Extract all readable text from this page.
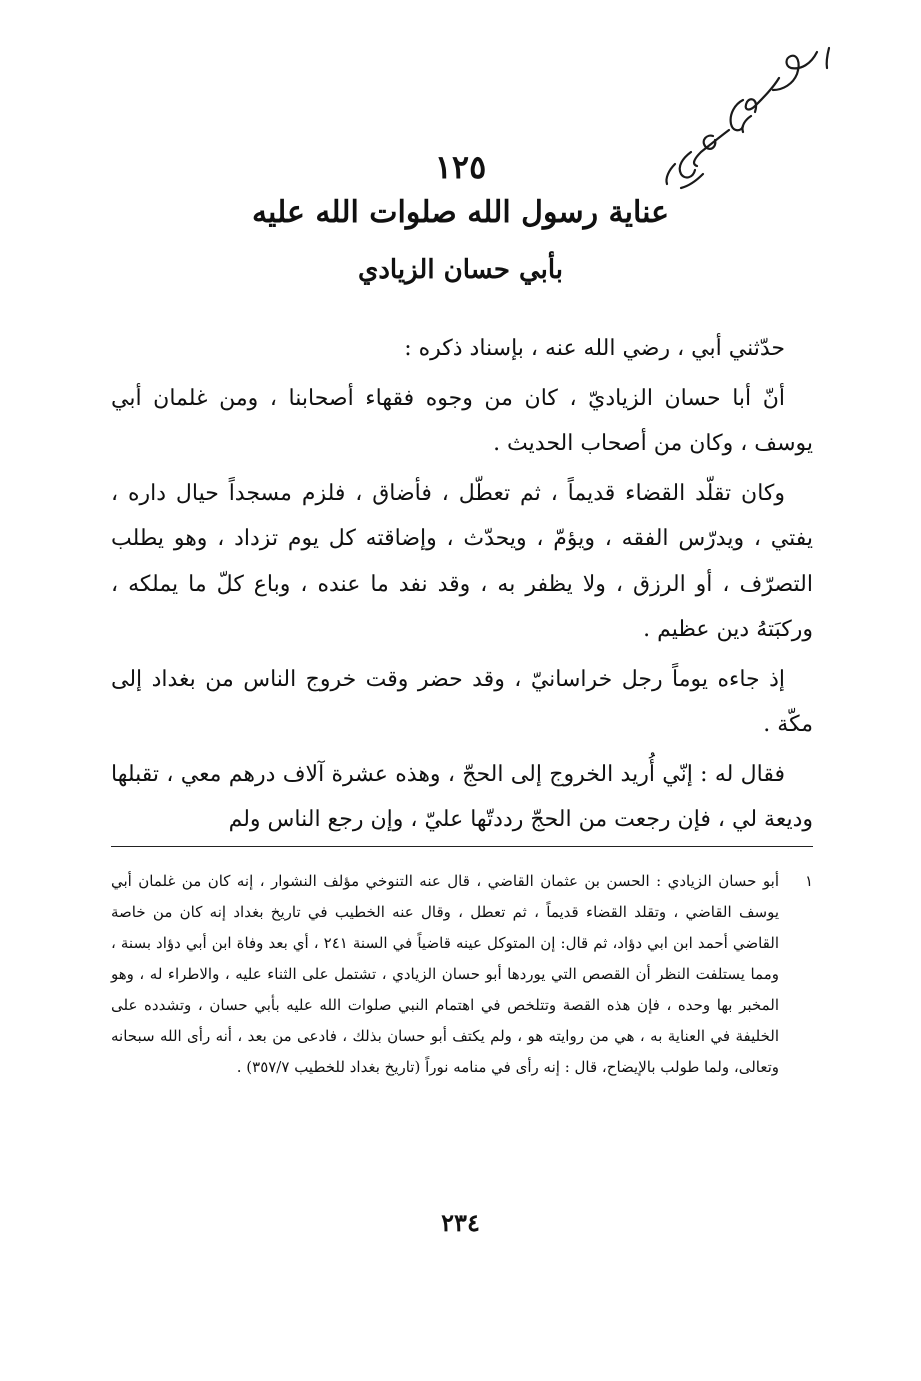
١٢٥
عناية رسول الله صلوات الله عليه
بأبي حسان الزيادي

حدّثني أبي ، رضي الله عنه ، بإسناد ذكره :

أنّ أبا حسان الزياديّ ، كان من وجوه فقهاء أصحابنا ، ومن غلمان أبي يوسف ، وكان من أصحاب الحديث .

وكان تقلّد القضاء قديماً ، ثم تعطّل ، فأضاق ، فلزم مسجداً حيال داره ، يفتي ، ويدرّس الفقه ، ويؤمّ ، ويحدّث ، وإضاقته كل يوم تزداد ، وهو يطلب التصرّف ، أو الرزق ، ولا يظفر به ، وقد نفد ما عنده ، وباع كلّ ما يملكه ، وركبَتهُ دين عظيم .

إذ جاءه يوماً رجل خراسانيّ ، وقد حضر وقت خروج الناس من بغداد إلى مكّة .

فقال له : إنّي أُريد الخروج إلى الحجّ ، وهذه عشرة آلاف درهم معي ، تقبلها وديعة لي ، فإن رجعت من الحجّ رددتّها عليّ ، وإن رجع الناس ولم

١
أبو حسان الزيادي : الحسن بن عثمان القاضي ، قال عنه التنوخي مؤلف النشوار ، إنه كان من غلمان أبي يوسف القاضي ، وتقلد القضاء قديماً ، ثم تعطل ، وقال عنه الخطيب في تاريخ بغداد إنه كان من خاصة القاضي أحمد ابن ابي دؤاد، ثم قال: إن المتوكل عينه قاضياً في السنة ٢٤١ ، أي بعد وفاة ابن أبي دؤاد بسنة ، ومما يستلفت النظر أن القصص التي يوردها أبو حسان الزيادي ، تشتمل على الثناء عليه ، والاطراء له ، وهو المخبر بها وحده ، فإن هذه القصة وتتلخص في اهتمام النبي صلوات الله عليه بأبي حسان ، وتشدده على الخليفة في العناية به ، هي من روايته هو ، ولم يكتف أبو حسان بذلك ، فادعى من بعد ، أنه رأى الله سبحانه وتعالى، ولما طولب بالإيضاح، قال : إنه رأى في منامه نوراً (تاريخ بغداد للخطيب ٣٥٧/٧) .
٢٣٤
